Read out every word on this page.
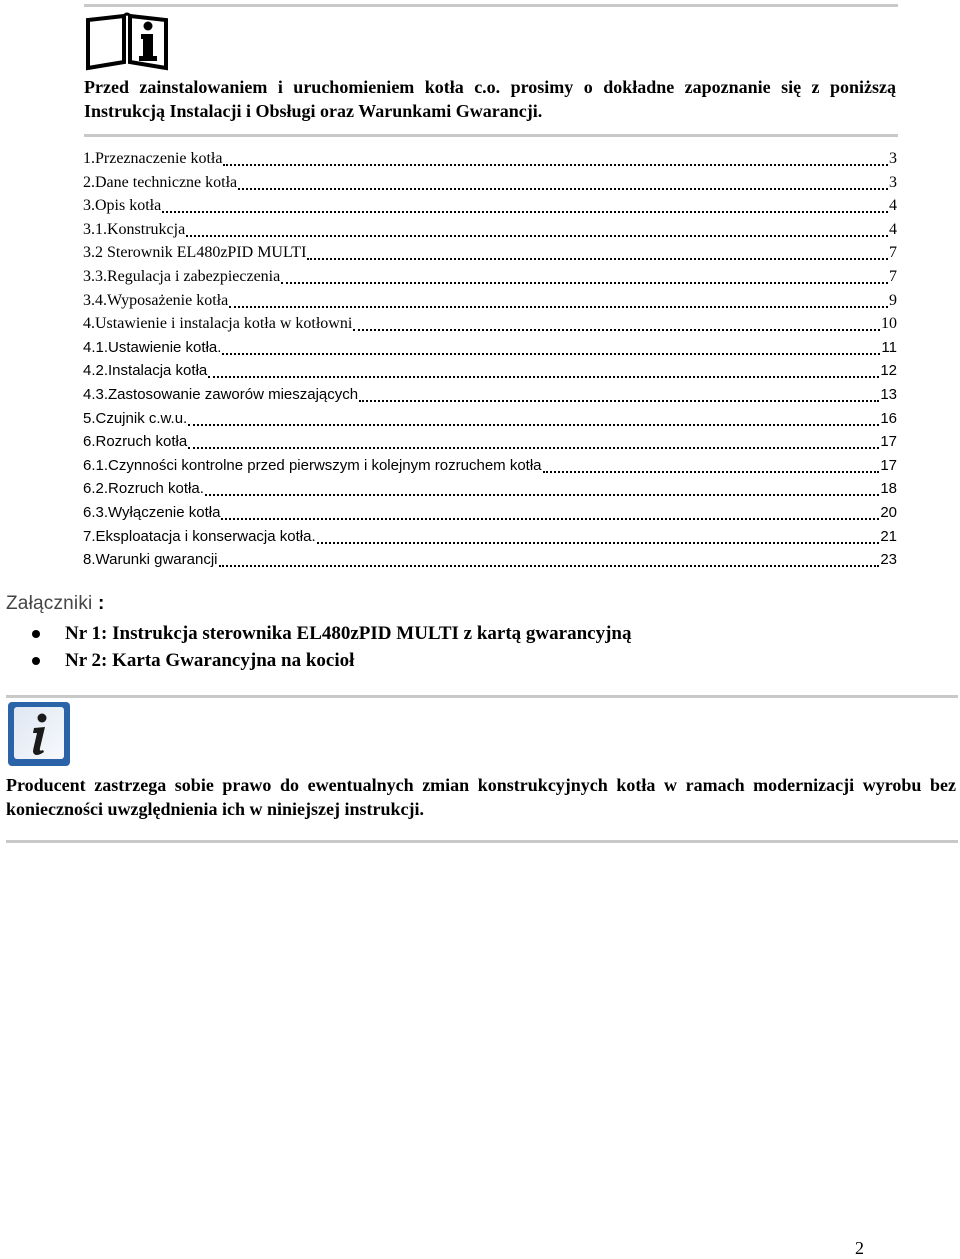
Przed zainstalowaniem i uruchomieniem kotła c.o. prosimy o dokładne zapoznanie się z poniższą Instrukcją Instalacji i Obsługi oraz Warunkami Gwarancji.
1.Przeznaczenie kotła	3
2.Dane techniczne kotła	3
3.Opis kotła	4
3.1.Konstrukcja	4
3.2 Sterownik EL480zPID MULTI	7
3.3.Regulacja i zabezpieczenia	7
3.4.Wyposażenie kotła	9
4.Ustawienie i instalacja kotła w kotłowni	10
4.1.Ustawienie kotła.	11
4.2.Instalacja kotła	12
4.3.Zastosowanie zaworów mieszających	13
5.Czujnik c.w.u.	16
6.Rozruch kotła	17
6.1.Czynności kontrolne przed pierwszym i kolejnym rozruchem kotła	17
6.2.Rozruch kotła.	18
6.3.Wyłączenie kotła	20
7.Eksploatacja i konserwacja kotła.	21
8.Warunki gwarancji	23
Załączniki :
Nr 1: Instrukcja sterownika EL480zPID MULTI z kartą gwarancyjną
Nr 2: Karta Gwarancyjna na kocioł
Producent zastrzega sobie prawo do ewentualnych zmian konstrukcyjnych kotła w ramach modernizacji wyrobu bez konieczności uwzględnienia ich w niniejszej instrukcji.
2
